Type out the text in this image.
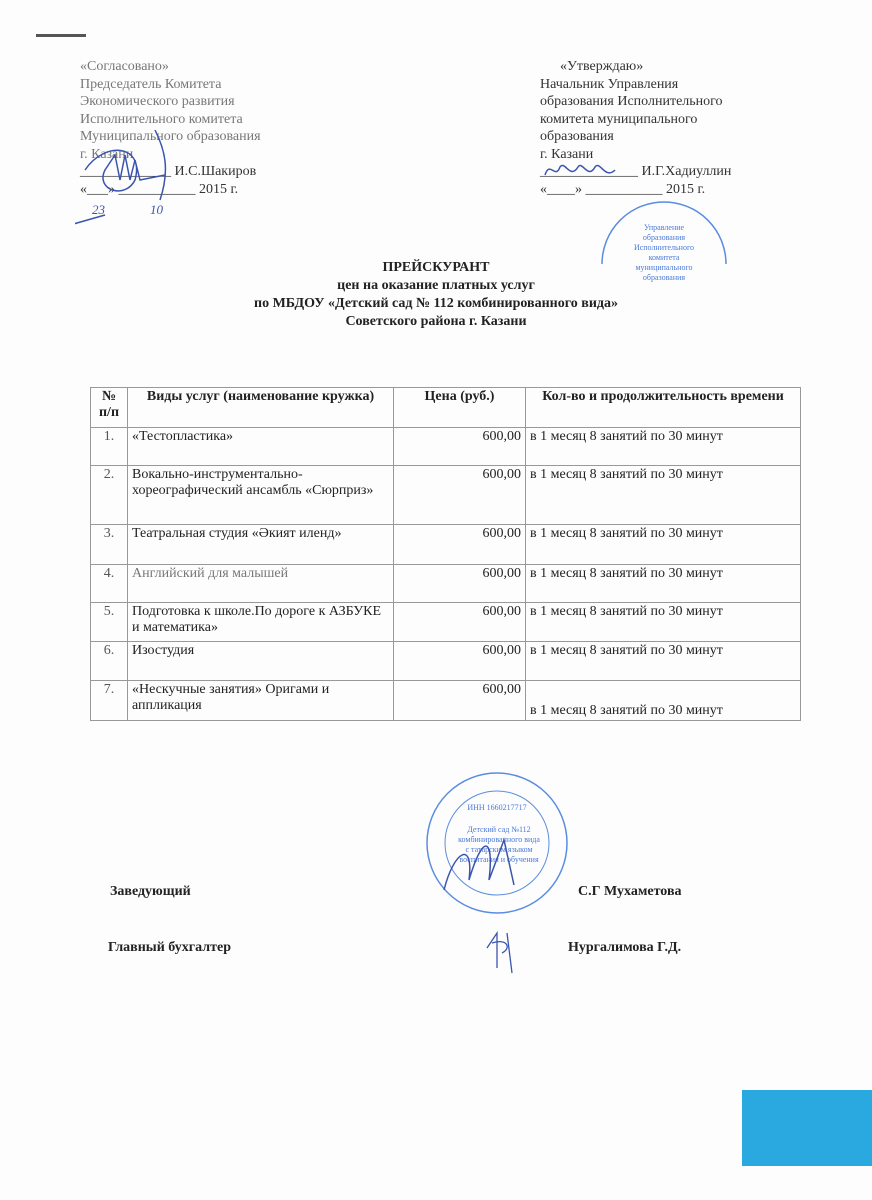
«Согласовано»
Председатель Комитета
Экономического развития
Исполнительного комитета
Муниципального образования
г. Казани
_____________ И.С.Шакиров
«___» ___________ 2015 г.
23	10
«Утверждаю»
Начальник Управления
образования Исполнительного
комитета муниципального
образования
г. Казани
______________ И.Г.Хадиуллин
«____» ___________ 2015 г.
Управление
образования
Исполнительного
комитета
муниципального
образования
ПРЕЙСКУРАНТ
цен на оказание платных услуг
по МБДОУ «Детский сад № 112 комбинированного вида»
Советского района г. Казани
№ п/п	Виды услуг (наименование кружка)	Цена (руб.)	Кол-во и продолжительность времени
1.	«Тестопластика»	600,00	в 1 месяц 8 занятий по 30 минут
2.	Вокально-инструментально-хореографический ансамбль «Сюрприз»	600,00	в 1 месяц 8 занятий по 30 минут
3.	Театральная студия «Әкият иленд»	600,00	в 1 месяц 8 занятий по 30 минут
4.	Английский для малышей	600,00	в 1 месяц 8 занятий по 30 минут
5.	Подготовка к школе.По дороге к АЗБУКЕ и математика»	600,00	в 1 месяц 8 занятий по 30 минут
6.	Изостудия	600,00	в 1 месяц 8 занятий по 30 минут
7.	«Нескучные занятия» Оригами и аппликация	600,00	в 1 месяц 8 занятий по 30 минут
ИНН 1660217717
Детский сад №112
комбинированного вида
с татарским языком
воспитания и обучения
Заведующий	С.Г Мухаметова
Главный бухгалтер	Нургалимова Г.Д.
